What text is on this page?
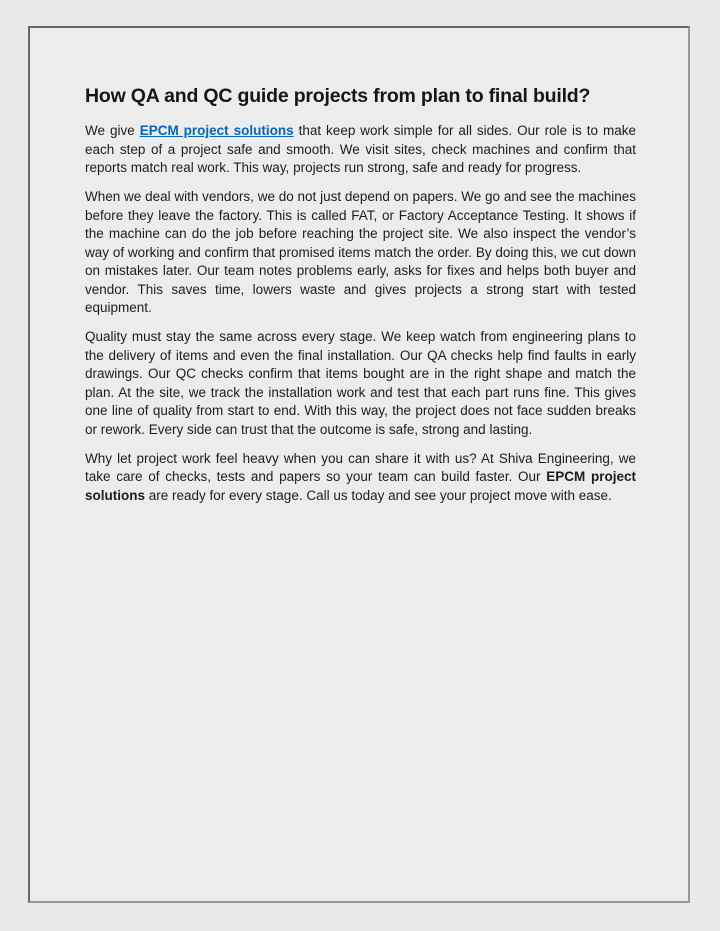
How QA and QC guide projects from plan to final build?

We give EPCM project solutions that keep work simple for all sides. Our role is to make each step of a project safe and smooth. We visit sites, check machines and confirm that reports match real work. This way, projects run strong, safe and ready for progress.

When we deal with vendors, we do not just depend on papers. We go and see the machines before they leave the factory. This is called FAT, or Factory Acceptance Testing. It shows if the machine can do the job before reaching the project site. We also inspect the vendor’s way of working and confirm that promised items match the order. By doing this, we cut down on mistakes later. Our team notes problems early, asks for fixes and helps both buyer and vendor. This saves time, lowers waste and gives projects a strong start with tested equipment.

Quality must stay the same across every stage. We keep watch from engineering plans to the delivery of items and even the final installation. Our QA checks help find faults in early drawings. Our QC checks confirm that items bought are in the right shape and match the plan. At the site, we track the installation work and test that each part runs fine. This gives one line of quality from start to end. With this way, the project does not face sudden breaks or rework. Every side can trust that the outcome is safe, strong and lasting.

Why let project work feel heavy when you can share it with us? At Shiva Engineering, we take care of checks, tests and papers so your team can build faster. Our EPCM project solutions are ready for every stage. Call us today and see your project move with ease.
